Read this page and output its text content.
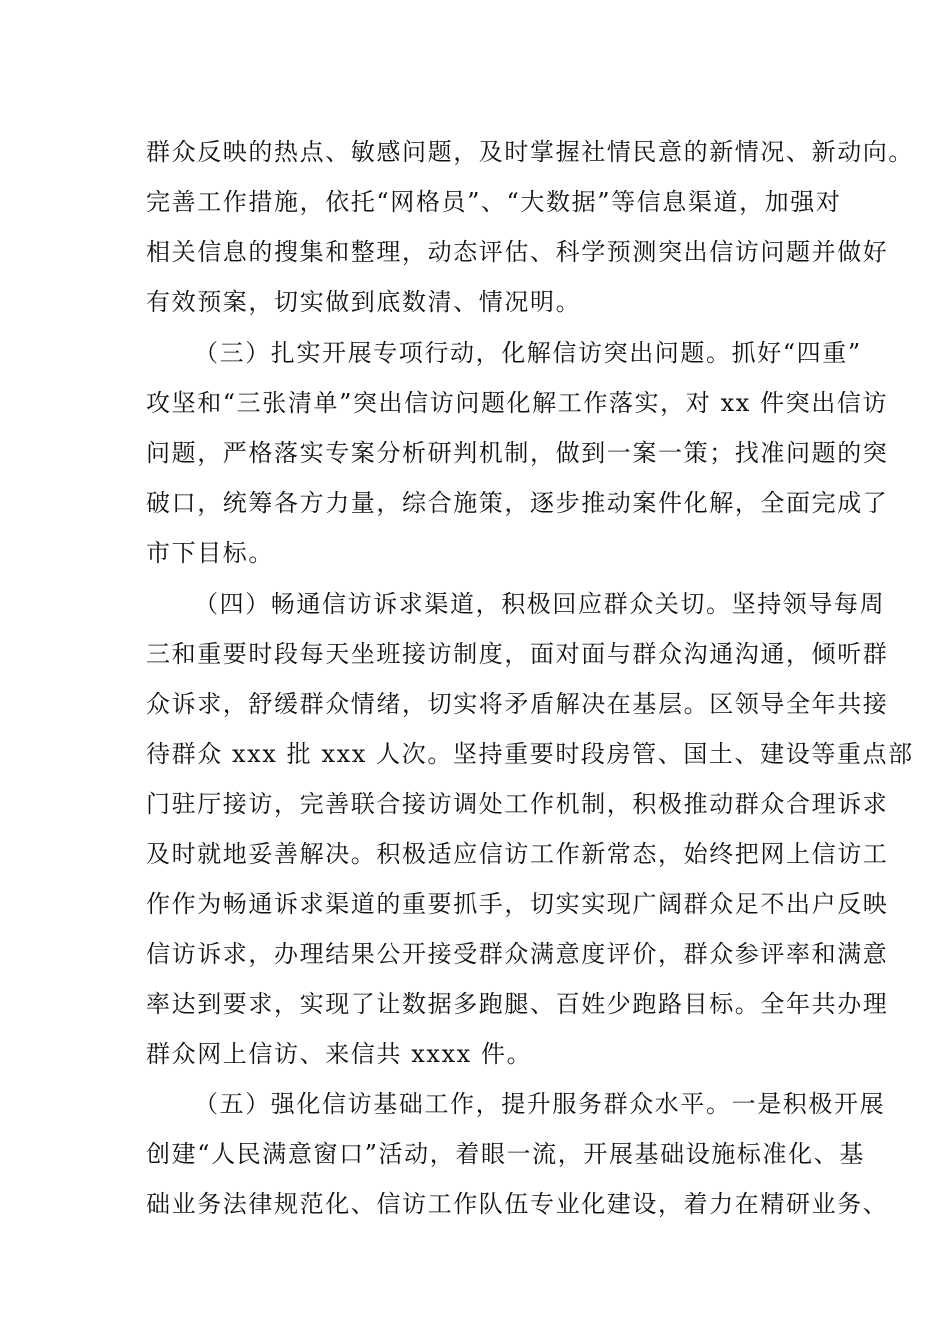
群众反映的热点、敏感问题，及时掌握社情民意的新情况、新动向。
完善工作措施，依托“网格员”、“大数据”等信息渠道，加强对
相关信息的搜集和整理，动态评估、科学预测突出信访问题并做好
有效预案，切实做到底数清、情况明。
（三）扎实开展专项行动，化解信访突出问题。抓好“四重”
攻坚和“三张清单”突出信访问题化解工作落实，对 xx 件突出信访
问题，严格落实专案分析研判机制，做到一案一策；找准问题的突
破口，统筹各方力量，综合施策，逐步推动案件化解，全面完成了
市下目标。
（四）畅通信访诉求渠道，积极回应群众关切。坚持领导每周
三和重要时段每天坐班接访制度，面对面与群众沟通沟通，倾听群
众诉求，舒缓群众情绪，切实将矛盾解决在基层。区领导全年共接
待群众 xxx 批 xxx 人次。坚持重要时段房管、国土、建设等重点部
门驻厅接访，完善联合接访调处工作机制，积极推动群众合理诉求
及时就地妥善解决。积极适应信访工作新常态，始终把网上信访工
作作为畅通诉求渠道的重要抓手，切实实现广阔群众足不出户反映
信访诉求，办理结果公开接受群众满意度评价，群众参评率和满意
率达到要求，实现了让数据多跑腿、百姓少跑路目标。全年共办理
群众网上信访、来信共 xxxx 件。
（五）强化信访基础工作，提升服务群众水平。一是积极开展
创建“人民满意窗口”活动，着眼一流，开展基础设施标准化、基
础业务法律规范化、信访工作队伍专业化建设，着力在精研业务、
